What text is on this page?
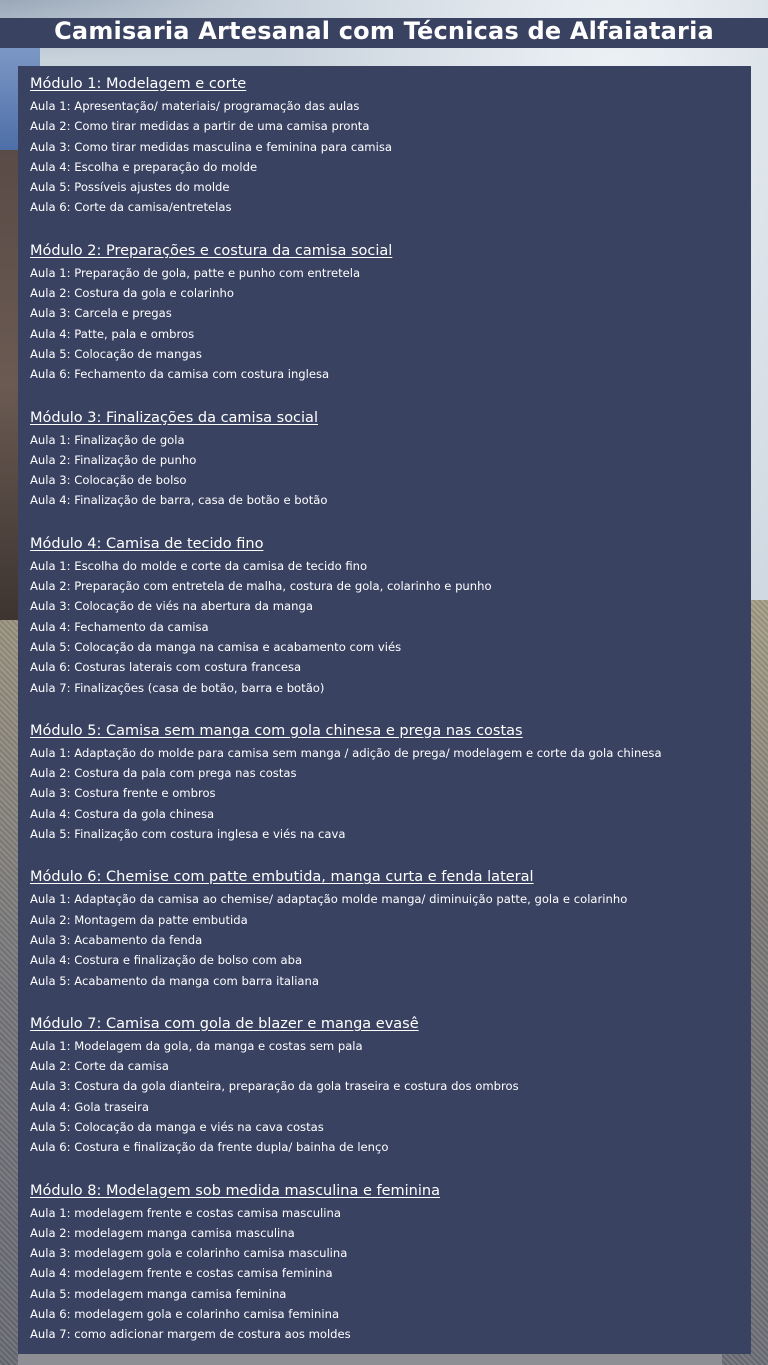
Camisaria Artesanal com Técnicas de Alfaiataria
Módulo 1: Modelagem e corte
Aula 1: Apresentação/ materiais/ programação das aulas
Aula 2: Como tirar medidas a partir de uma camisa pronta
Aula 3: Como tirar medidas masculina e feminina para camisa
Aula 4: Escolha e preparação do molde
Aula 5: Possíveis ajustes do molde
Aula 6: Corte da camisa/entretelas
Módulo 2: Preparações e costura da camisa social
Aula 1: Preparação de gola, patte e punho com entretela
Aula 2: Costura da gola e colarinho
Aula 3: Carcela e pregas
Aula 4: Patte, pala e ombros
Aula 5: Colocação de mangas
Aula 6: Fechamento da camisa com costura inglesa
Módulo 3: Finalizações da camisa social
Aula 1: Finalização de gola
Aula 2: Finalização de punho
Aula 3: Colocação de bolso
Aula 4: Finalização de barra, casa de botão e botão
Módulo 4: Camisa de tecido fino
Aula 1: Escolha do molde e corte da camisa de tecido fino
Aula 2: Preparação com entretela de malha, costura de gola, colarinho e punho
Aula 3: Colocação de viés na abertura da manga
Aula 4: Fechamento da camisa
Aula 5: Colocação da manga na camisa e acabamento com viés
Aula 6: Costuras laterais com costura francesa
Aula 7: Finalizações (casa de botão, barra e botão)
Módulo 5: Camisa sem manga com gola chinesa e prega nas costas
Aula 1: Adaptação do molde para camisa sem manga / adição de prega/ modelagem e corte da gola chinesa
Aula 2: Costura da pala com prega nas costas
Aula 3: Costura frente e ombros
Aula 4: Costura da gola chinesa
Aula 5: Finalização com costura inglesa e viés na cava
Módulo 6: Chemise com patte embutida, manga curta e fenda lateral
Aula 1: Adaptação da camisa ao chemise/ adaptação molde manga/ diminuição patte, gola e colarinho
Aula 2: Montagem da patte embutida
Aula 3: Acabamento da fenda
Aula 4: Costura e finalização de bolso com aba
Aula 5: Acabamento da manga com barra italiana
Módulo 7: Camisa com gola de blazer e manga evasê
Aula 1: Modelagem da gola, da manga e costas sem pala
Aula 2: Corte da camisa
Aula 3: Costura da gola dianteira, preparação da gola traseira e costura dos ombros
Aula 4: Gola traseira
Aula 5: Colocação da manga e viés na cava costas
Aula 6: Costura e finalização da frente dupla/ bainha de lenço
Módulo 8: Modelagem sob medida masculina e feminina
Aula 1: modelagem frente e costas camisa masculina
Aula 2: modelagem manga camisa masculina
Aula 3: modelagem gola e colarinho camisa masculina
Aula 4: modelagem frente e costas camisa feminina
Aula 5: modelagem manga camisa feminina
Aula 6: modelagem gola e colarinho camisa feminina
Aula 7: como adicionar margem de costura aos moldes
